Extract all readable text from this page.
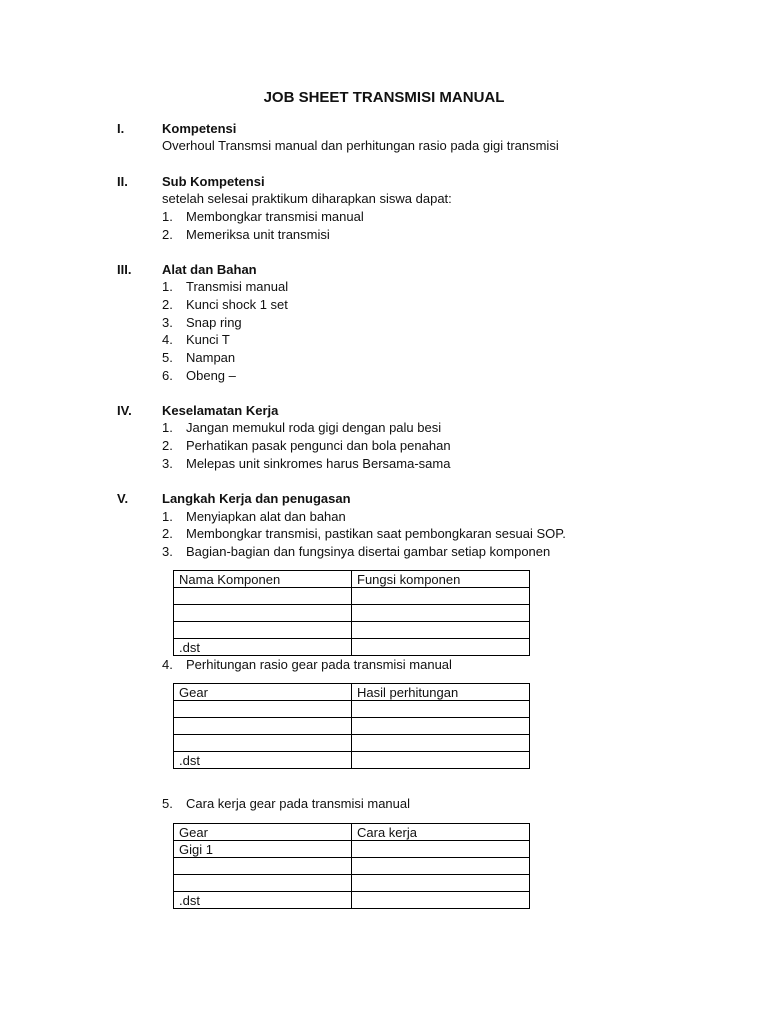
JOB SHEET TRANSMISI MANUAL
I.	Kompetensi
Overhoul Transmsi manual dan perhitungan rasio pada gigi transmisi
II.	Sub Kompetensi
setelah selesai praktikum diharapkan siswa dapat:
1. Membongkar transmisi manual
2. Memeriksa unit transmisi
III. Alat dan Bahan
1. Transmisi manual
2. Kunci shock 1 set
3. Snap ring
4. Kunci T
5. Nampan
6. Obeng –
IV. Keselamatan Kerja
1. Jangan memukul roda gigi dengan palu besi
2. Perhatikan pasak pengunci dan bola penahan
3. Melepas unit sinkromes harus Bersama-sama
V.	Langkah Kerja dan penugasan
1. Menyiapkan alat dan bahan
2. Membongkar transmisi, pastikan saat pembongkaran sesuai SOP.
3. Bagian-bagian dan fungsinya disertai gambar setiap komponen
Nama Komponen	Fungsi komponen

.dst	
4. Perhitungan rasio gear pada transmisi manual
Gear	Hasil perhitungan

.dst	
5. Cara kerja gear pada transmisi manual
Gear	Cara kerja
Gigi 1	

.dst	
